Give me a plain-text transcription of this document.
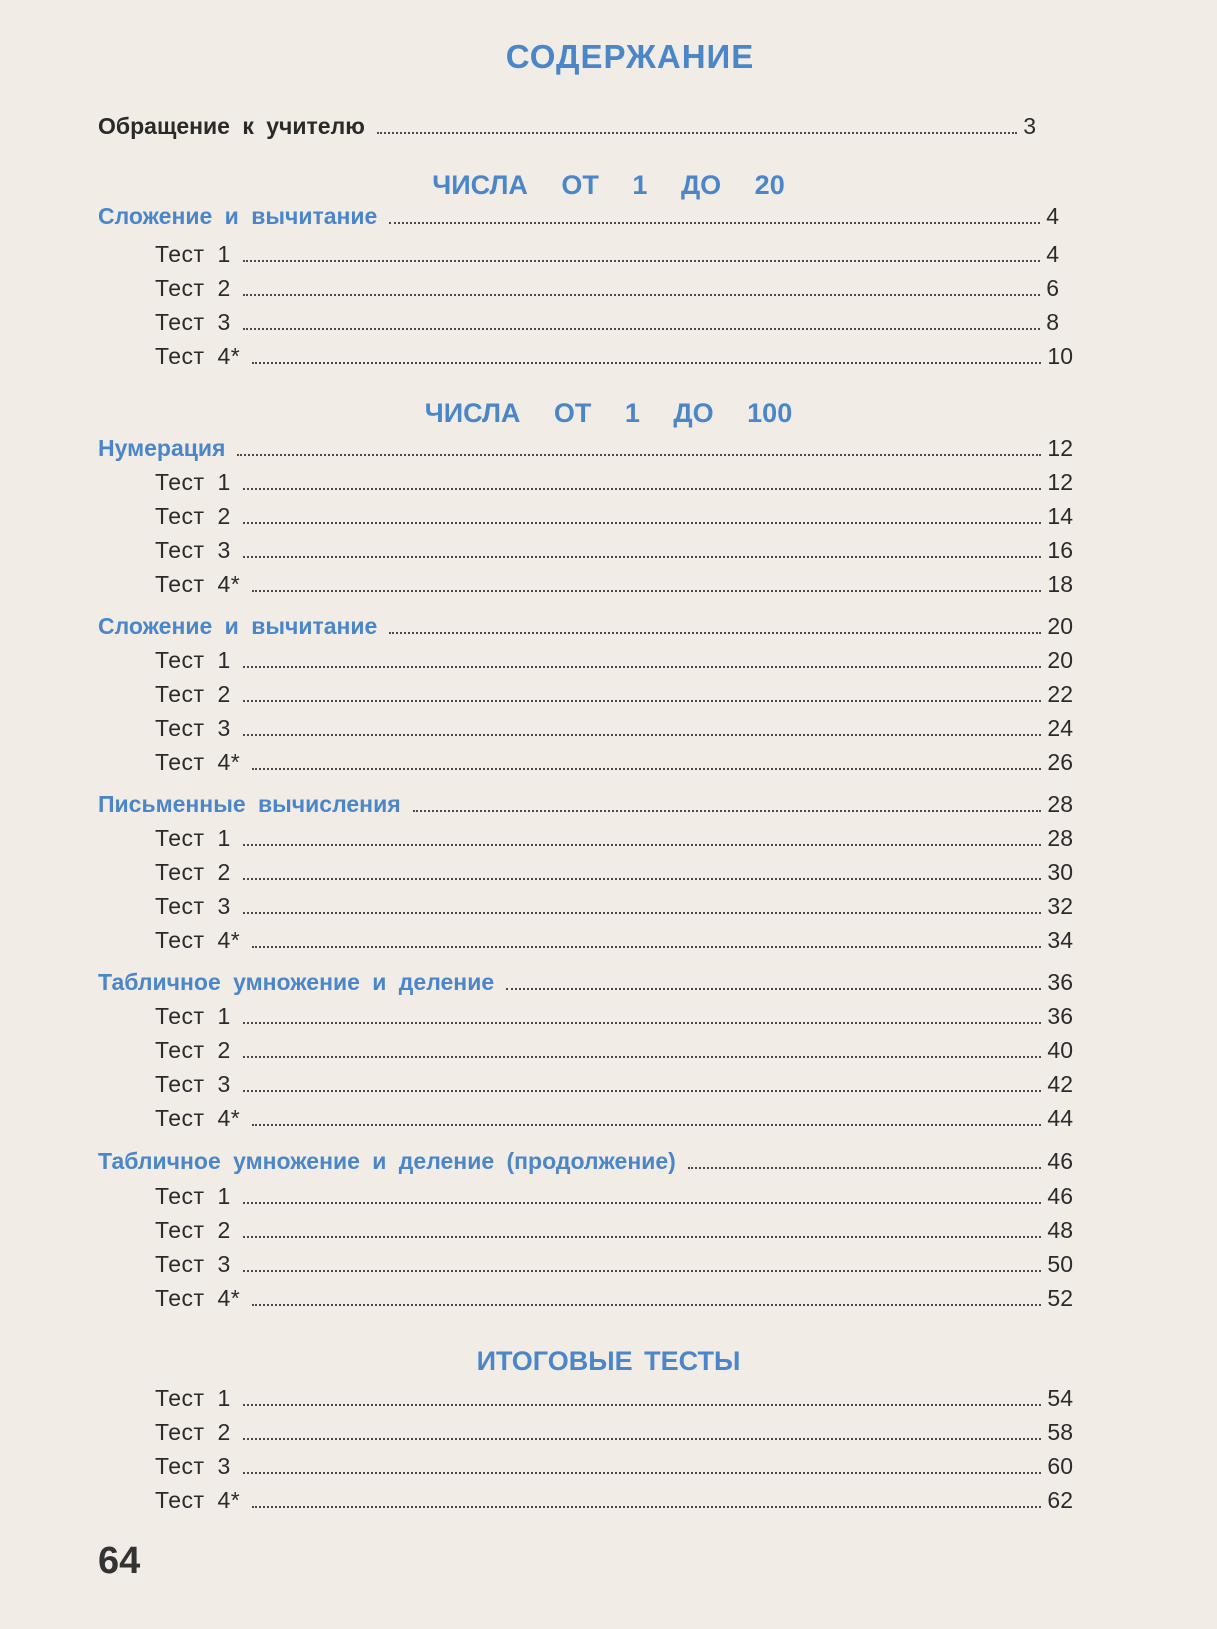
СОДЕРЖАНИЕ
Обращение к учителю	3
ЧИСЛА ОТ 1 ДО 20
Сложение и вычитание	4
Тест 1	4
Тест 2	6
Тест 3	8
Тест 4*	10
ЧИСЛА ОТ 1 ДО 100
Нумерация	12
Тест 1	12
Тест 2	14
Тест 3	16
Тест 4*	18
Сложение и вычитание	20
Тест 1	20
Тест 2	22
Тест 3	24
Тест 4*	26
Письменные вычисления	28
Тест 1	28
Тест 2	30
Тест 3	32
Тест 4*	34
Табличное умножение и деление	36
Тест 1	36
Тест 2	40
Тест 3	42
Тест 4*	44
Табличное умножение и деление (продолжение)	46
Тест 1	46
Тест 2	48
Тест 3	50
Тест 4*	52
ИТОГОВЫЕ ТЕСТЫ
Тест 1	54
Тест 2	58
Тест 3	60
Тест 4*	62
64
